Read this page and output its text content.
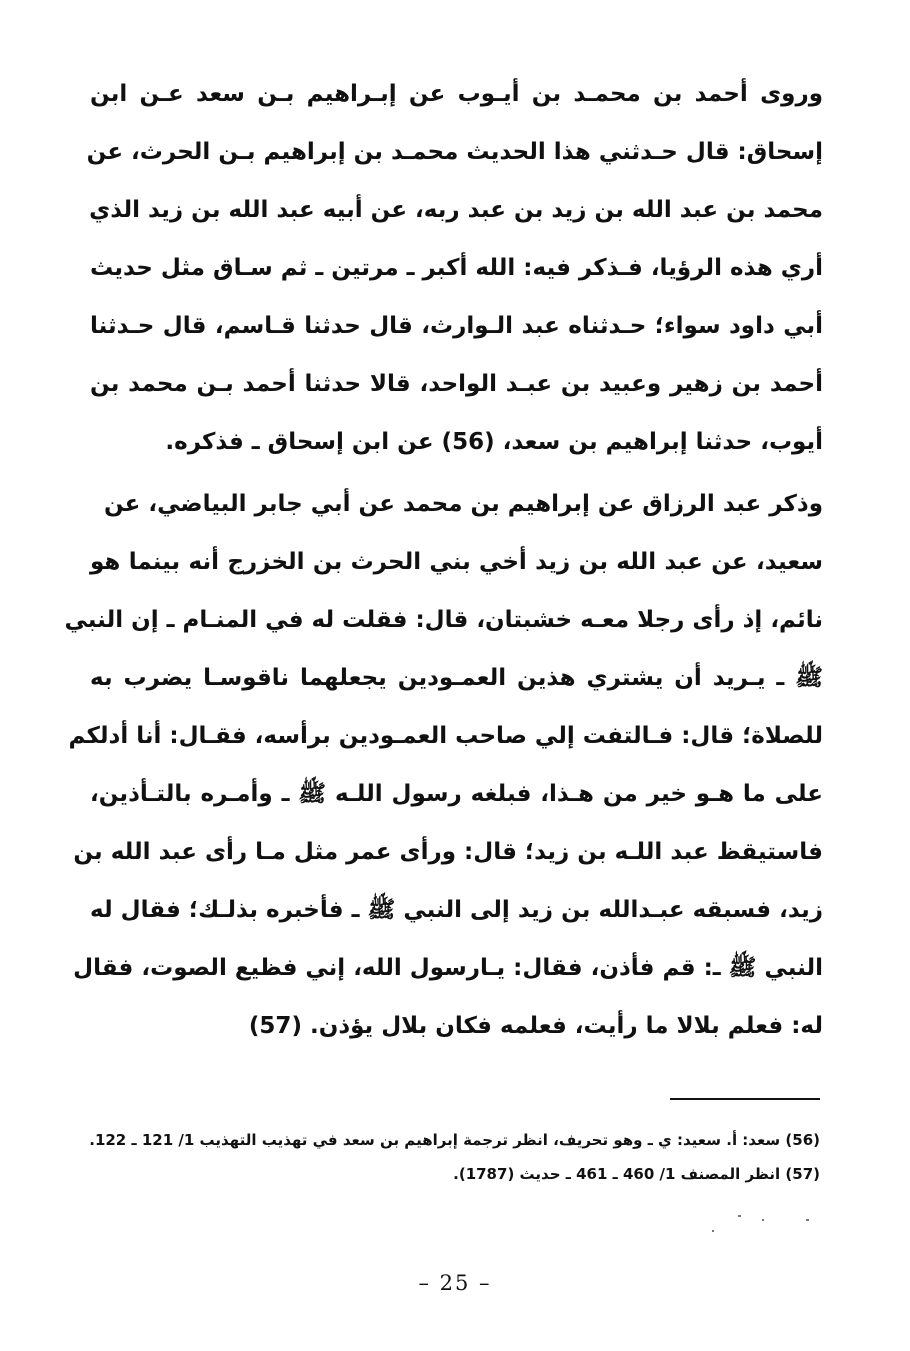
وروى أحمد بن محمـد بن أيـوب عن إبـراهيم بـن سعد عـن ابن
إسحاق: قال حـدثني هذا الحديث محمـد بن إبراهيم بـن الحرث، عن
محمد بن عبد الله بن زيد بن عبد ربه، عن أبيه عبد الله بن زيد الذي
أري هذه الرؤيا، فـذكر فيه: الله أكبر ـ مرتين ـ ثم سـاق مثل حديث
أبي داود سواء؛ حـدثناه عبد الـوارث، قال حدثنا قـاسم، قال حـدثنا
أحمد بن زهير وعبيد بن عبـد الواحد، قالا حدثنا أحمد بـن محمد بن
أيوب، حدثنا إبراهيم بن سعد، (56) عن ابن إسحاق ـ فذكره.
وذكر عبد الرزاق عن إبراهيم بن محمد عن أبي جابر البياضي، عن
سعيد، عن عبد الله بن زيد أخي بني الحرث بن الخزرج أنه بينما هو
نائم، إذ رأى رجلا معـه خشبتان، قال: فقلت له في المنـام ـ إن النبي
ﷺ ـ يـريد أن يشتري هذين العمـودين يجعلهما ناقوسـا يضرب به
للصلاة؛ قال: فـالتفت إلي صاحب العمـودين برأسه، فقـال: أنا أدلكم
على ما هـو خير من هـذا، فبلغه رسول اللـه ﷺ ـ وأمـره بالتـأذين،
فاستيقظ عبد اللـه بن زيد؛ قال: ورأى عمر مثل مـا رأى عبد الله بن
زيد، فسبقه عبـدالله بن زيد إلى النبي ﷺ ـ فأخبره بذلـك؛ فقال له
النبي ﷺ ـ: قم فأذن، فقال: يـارسول الله، إني فظيع الصوت، فقال
له: فعلم بلالا ما رأيت، فعلمه فكان بلال يؤذن. (57)
(56) سعد: أ. سعيد: ي ـ وهو تحريف، انظر ترجمة إبراهيم بن سعد في تهذيب التهذيب 1/ 121 ـ 122.
(57) انظر المصنف 1/ 460 ـ 461 ـ حديث (1787).
– 25 –
